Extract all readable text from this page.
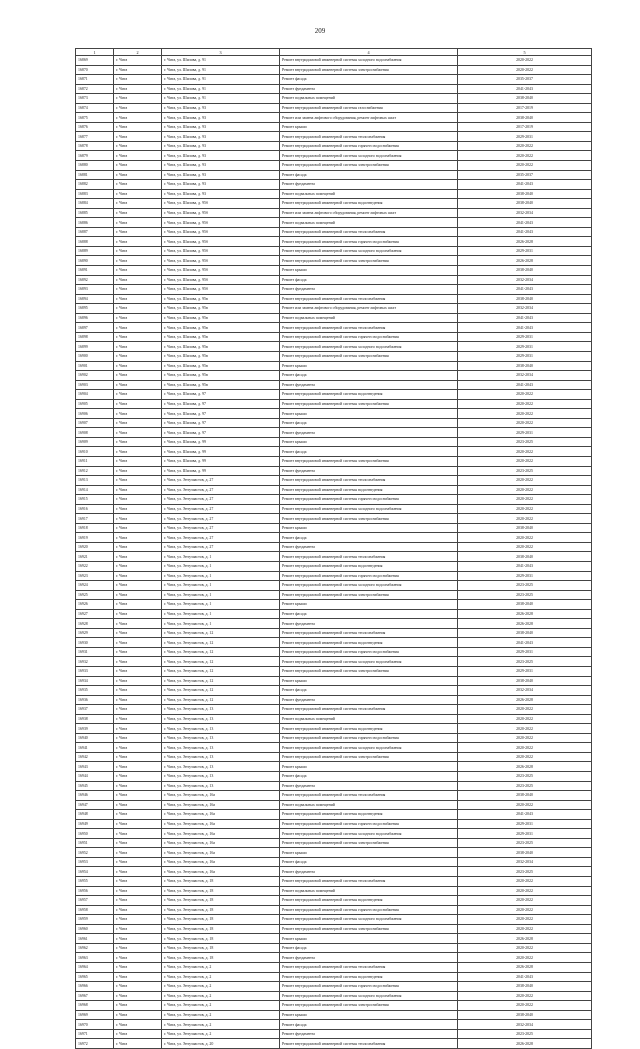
209
1	2	3	4	5
16869	г. Чита	г. Чита, ул. Шилова, д. 91	Ремонт внутридомовой инженерной системы холодного водоснабжения	2020-2022
16870	г. Чита	г. Чита, ул. Шилова, д. 91	Ремонт внутридомовой инженерной системы электроснабжения	2020-2022
16871	г. Чита	г. Чита, ул. Шилова, д. 91	Ремонт фасада	2035-2037
16872	г. Чита	г. Чита, ул. Шилова, д. 91	Ремонт фундамента	2041-2043
16873	г. Чита	г. Чита, ул. Шилова, д. 91	Ремонт подвальных помещений	2038-2040
16874	г. Чита	г. Чита, ул. Шилова, д. 93	Ремонт внутридомовой инженерной системы газоснабжения	2017-2019
16875	г. Чита	г. Чита, ул. Шилова, д. 93	Ремонт или замена лифтового оборудования, ремонт лифтовых шахт	2038-2040
16876	г. Чита	г. Чита, ул. Шилова, д. 93	Ремонт крыши	2017-2019
16877	г. Чита	г. Чита, ул. Шилова, д. 93	Ремонт внутридомовой инженерной системы теплоснабжения	2029-2031
16878	г. Чита	г. Чита, ул. Шилова, д. 93	Ремонт внутридомовой инженерной системы горячего водоснабжения	2020-2022
16879	г. Чита	г. Чита, ул. Шилова, д. 93	Ремонт внутридомовой инженерной системы холодного водоснабжения	2020-2022
16880	г. Чита	г. Чита, ул. Шилова, д. 93	Ремонт внутридомовой инженерной системы электроснабжения	2020-2022
16881	г. Чита	г. Чита, ул. Шилова, д. 93	Ремонт фасада	2035-2037
16882	г. Чита	г. Чита, ул. Шилова, д. 93	Ремонт фундамента	2041-2043
16883	г. Чита	г. Чита, ул. Шилова, д. 93	Ремонт подвальных помещений	2038-2040
16884	г. Чита	г. Чита, ул. Шилова, д. 95б	Ремонт внутридомовой инженерной системы водоотведения	2038-2040
16885	г. Чита	г. Чита, ул. Шилова, д. 95б	Ремонт или замена лифтового оборудования, ремонт лифтовых шахт	2032-2034
16886	г. Чита	г. Чита, ул. Шилова, д. 95б	Ремонт подвальных помещений	2041-2043
16887	г. Чита	г. Чита, ул. Шилова, д. 95б	Ремонт внутридомовой инженерной системы теплоснабжения	2041-2043
16888	г. Чита	г. Чита, ул. Шилова, д. 95б	Ремонт внутридомовой инженерной системы горячего водоснабжения	2026-2028
16889	г. Чита	г. Чита, ул. Шилова, д. 95б	Ремонт внутридомовой инженерной системы холодного водоснабжения	2029-2031
16890	г. Чита	г. Чита, ул. Шилова, д. 95б	Ремонт внутридомовой инженерной системы электроснабжения	2026-2028
16891	г. Чита	г. Чита, ул. Шилова, д. 95б	Ремонт крыши	2038-2040
16892	г. Чита	г. Чита, ул. Шилова, д. 95б	Ремонт фасада	2032-2034
16893	г. Чита	г. Чита, ул. Шилова, д. 95б	Ремонт фундамента	2041-2043
16894	г. Чита	г. Чита, ул. Шилова, д. 95в	Ремонт внутридомовой инженерной системы теплоснабжения	2038-2040
16895	г. Чита	г. Чита, ул. Шилова, д. 95в	Ремонт или замена лифтового оборудования, ремонт лифтовых шахт	2032-2034
16896	г. Чита	г. Чита, ул. Шилова, д. 95в	Ремонт подвальных помещений	2041-2043
16897	г. Чита	г. Чита, ул. Шилова, д. 95в	Ремонт внутридомовой инженерной системы теплоснабжения	2041-2043
16898	г. Чита	г. Чита, ул. Шилова, д. 95в	Ремонт внутридомовой инженерной системы горячего водоснабжения	2029-2031
16899	г. Чита	г. Чита, ул. Шилова, д. 95в	Ремонт внутридомовой инженерной системы холодного водоснабжения	2029-2031
16900	г. Чита	г. Чита, ул. Шилова, д. 95в	Ремонт внутридомовой инженерной системы электроснабжения	2029-2031
16901	г. Чита	г. Чита, ул. Шилова, д. 95в	Ремонт крыши	2038-2040
16902	г. Чита	г. Чита, ул. Шилова, д. 95в	Ремонт фасада	2032-2034
16903	г. Чита	г. Чита, ул. Шилова, д. 95в	Ремонт фундамента	2041-2043
16904	г. Чита	г. Чита, ул. Шилова, д. 97	Ремонт внутридомовой инженерной системы водоотведения	2020-2022
16905	г. Чита	г. Чита, ул. Шилова, д. 97	Ремонт внутридомовой инженерной системы электроснабжения	2020-2022
16906	г. Чита	г. Чита, ул. Шилова, д. 97	Ремонт крыши	2020-2022
16907	г. Чита	г. Чита, ул. Шилова, д. 97	Ремонт фасада	2020-2022
16908	г. Чита	г. Чита, ул. Шилова, д. 97	Ремонт фундамента	2029-2031
16909	г. Чита	г. Чита, ул. Шилова, д. 99	Ремонт крыши	2023-2025
16910	г. Чита	г. Чита, ул. Шилова, д. 99	Ремонт фасада	2020-2022
16911	г. Чита	г. Чита, ул. Шилова, д. 99	Ремонт внутридомовой инженерной системы электроснабжения	2020-2022
16912	г. Чита	г. Чита, ул. Шилова, д. 99	Ремонт фундамента	2023-2025
16913	г. Чита	г. Чита, ул. Энтузиастов, д. 27	Ремонт внутридомовой инженерной системы теплоснабжения	2020-2022
16914	г. Чита	г. Чита, ул. Энтузиастов, д. 27	Ремонт внутридомовой инженерной системы водоотведения	2020-2022
16915	г. Чита	г. Чита, ул. Энтузиастов, д. 27	Ремонт внутридомовой инженерной системы горячего водоснабжения	2020-2022
16916	г. Чита	г. Чита, ул. Энтузиастов, д. 27	Ремонт внутридомовой инженерной системы холодного водоснабжения	2020-2022
16917	г. Чита	г. Чита, ул. Энтузиастов, д. 27	Ремонт внутридомовой инженерной системы электроснабжения	2020-2022
16918	г. Чита	г. Чита, ул. Энтузиастов, д. 27	Ремонт крыши	2038-2040
16919	г. Чита	г. Чита, ул. Энтузиастов, д. 27	Ремонт фасада	2020-2022
16920	г. Чита	г. Чита, ул. Энтузиастов, д. 27	Ремонт фундамента	2020-2022
16921	г. Чита	г. Чита, ул. Энтузиастов, д. 1	Ремонт внутридомовой инженерной системы теплоснабжения	2038-2040
16922	г. Чита	г. Чита, ул. Энтузиастов, д. 1	Ремонт внутридомовой инженерной системы водоотведения	2041-2043
16923	г. Чита	г. Чита, ул. Энтузиастов, д. 1	Ремонт внутридомовой инженерной системы горячего водоснабжения	2029-2031
16924	г. Чита	г. Чита, ул. Энтузиастов, д. 1	Ремонт внутридомовой инженерной системы холодного водоснабжения	2023-2025
16925	г. Чита	г. Чита, ул. Энтузиастов, д. 1	Ремонт внутридомовой инженерной системы электроснабжения	2023-2025
16926	г. Чита	г. Чита, ул. Энтузиастов, д. 1	Ремонт крыши	2038-2040
16927	г. Чита	г. Чита, ул. Энтузиастов, д. 1	Ремонт фасада	2026-2028
16928	г. Чита	г. Чита, ул. Энтузиастов, д. 1	Ремонт фундамента	2026-2028
16929	г. Чита	г. Чита, ул. Энтузиастов, д. 12	Ремонт внутридомовой инженерной системы теплоснабжения	2038-2040
16930	г. Чита	г. Чита, ул. Энтузиастов, д. 12	Ремонт внутридомовой инженерной системы водоотведения	2041-2043
16931	г. Чита	г. Чита, ул. Энтузиастов, д. 12	Ремонт внутридомовой инженерной системы горячего водоснабжения	2029-2031
16932	г. Чита	г. Чита, ул. Энтузиастов, д. 12	Ремонт внутридомовой инженерной системы холодного водоснабжения	2023-2025
16933	г. Чита	г. Чита, ул. Энтузиастов, д. 12	Ремонт внутридомовой инженерной системы электроснабжения	2029-2031
16934	г. Чита	г. Чита, ул. Энтузиастов, д. 12	Ремонт крыши	2038-2040
16935	г. Чита	г. Чита, ул. Энтузиастов, д. 12	Ремонт фасада	2032-2034
16936	г. Чита	г. Чита, ул. Энтузиастов, д. 12	Ремонт фундамента	2026-2028
16937	г. Чита	г. Чита, ул. Энтузиастов, д. 13	Ремонт внутридомовой инженерной системы теплоснабжения	2020-2022
16938	г. Чита	г. Чита, ул. Энтузиастов, д. 13	Ремонт подвальных помещений	2020-2022
16939	г. Чита	г. Чита, ул. Энтузиастов, д. 13	Ремонт внутридомовой инженерной системы водоотведения	2020-2022
16940	г. Чита	г. Чита, ул. Энтузиастов, д. 13	Ремонт внутридомовой инженерной системы горячего водоснабжения	2020-2022
16941	г. Чита	г. Чита, ул. Энтузиастов, д. 13	Ремонт внутридомовой инженерной системы холодного водоснабжения	2020-2022
16942	г. Чита	г. Чита, ул. Энтузиастов, д. 13	Ремонт внутридомовой инженерной системы электроснабжения	2020-2022
16943	г. Чита	г. Чита, ул. Энтузиастов, д. 13	Ремонт крыши	2026-2028
16944	г. Чита	г. Чита, ул. Энтузиастов, д. 13	Ремонт фасада	2023-2025
16945	г. Чита	г. Чита, ул. Энтузиастов, д. 13	Ремонт фундамента	2023-2025
16946	г. Чита	г. Чита, ул. Энтузиастов, д. 16а	Ремонт внутридомовой инженерной системы теплоснабжения	2038-2040
16947	г. Чита	г. Чита, ул. Энтузиастов, д. 16а	Ремонт подвальных помещений	2020-2022
16948	г. Чита	г. Чита, ул. Энтузиастов, д. 16а	Ремонт внутридомовой инженерной системы водоотведения	2041-2043
16949	г. Чита	г. Чита, ул. Энтузиастов, д. 16а	Ремонт внутридомовой инженерной системы горячего водоснабжения	2029-2031
16950	г. Чита	г. Чита, ул. Энтузиастов, д. 16а	Ремонт внутридомовой инженерной системы холодного водоснабжения	2029-2031
16951	г. Чита	г. Чита, ул. Энтузиастов, д. 16а	Ремонт внутридомовой инженерной системы электроснабжения	2023-2025
16952	г. Чита	г. Чита, ул. Энтузиастов, д. 16а	Ремонт крыши	2038-2040
16953	г. Чита	г. Чита, ул. Энтузиастов, д. 16а	Ремонт фасада	2032-2034
16954	г. Чита	г. Чита, ул. Энтузиастов, д. 16а	Ремонт фундамента	2023-2025
16955	г. Чита	г. Чита, ул. Энтузиастов, д. 18	Ремонт внутридомовой инженерной системы теплоснабжения	2020-2022
16956	г. Чита	г. Чита, ул. Энтузиастов, д. 18	Ремонт подвальных помещений	2020-2022
16957	г. Чита	г. Чита, ул. Энтузиастов, д. 18	Ремонт внутридомовой инженерной системы водоотведения	2020-2022
16958	г. Чита	г. Чита, ул. Энтузиастов, д. 18	Ремонт внутридомовой инженерной системы горячего водоснабжения	2020-2022
16959	г. Чита	г. Чита, ул. Энтузиастов, д. 18	Ремонт внутридомовой инженерной системы холодного водоснабжения	2020-2022
16960	г. Чита	г. Чита, ул. Энтузиастов, д. 18	Ремонт внутридомовой инженерной системы электроснабжения	2020-2022
16961	г. Чита	г. Чита, ул. Энтузиастов, д. 18	Ремонт крыши	2026-2028
16962	г. Чита	г. Чита, ул. Энтузиастов, д. 18	Ремонт фасада	2020-2022
16963	г. Чита	г. Чита, ул. Энтузиастов, д. 18	Ремонт фундамента	2020-2022
16964	г. Чита	г. Чита, ул. Энтузиастов, д. 2	Ремонт внутридомовой инженерной системы теплоснабжения	2026-2028
16965	г. Чита	г. Чита, ул. Энтузиастов, д. 2	Ремонт внутридомовой инженерной системы водоотведения	2041-2043
16966	г. Чита	г. Чита, ул. Энтузиастов, д. 2	Ремонт внутридомовой инженерной системы горячего водоснабжения	2038-2040
16967	г. Чита	г. Чита, ул. Энтузиастов, д. 2	Ремонт внутридомовой инженерной системы холодного водоснабжения	2020-2022
16968	г. Чита	г. Чита, ул. Энтузиастов, д. 2	Ремонт внутридомовой инженерной системы электроснабжения	2020-2022
16969	г. Чита	г. Чита, ул. Энтузиастов, д. 2	Ремонт крыши	2038-2040
16970	г. Чита	г. Чита, ул. Энтузиастов, д. 2	Ремонт фасада	2032-2034
16971	г. Чита	г. Чита, ул. Энтузиастов, д. 2	Ремонт фундамента	2023-2025
16972	г. Чита	г. Чита, ул. Энтузиастов, д. 20	Ремонт внутридомовой инженерной системы теплоснабжения	2026-2028
